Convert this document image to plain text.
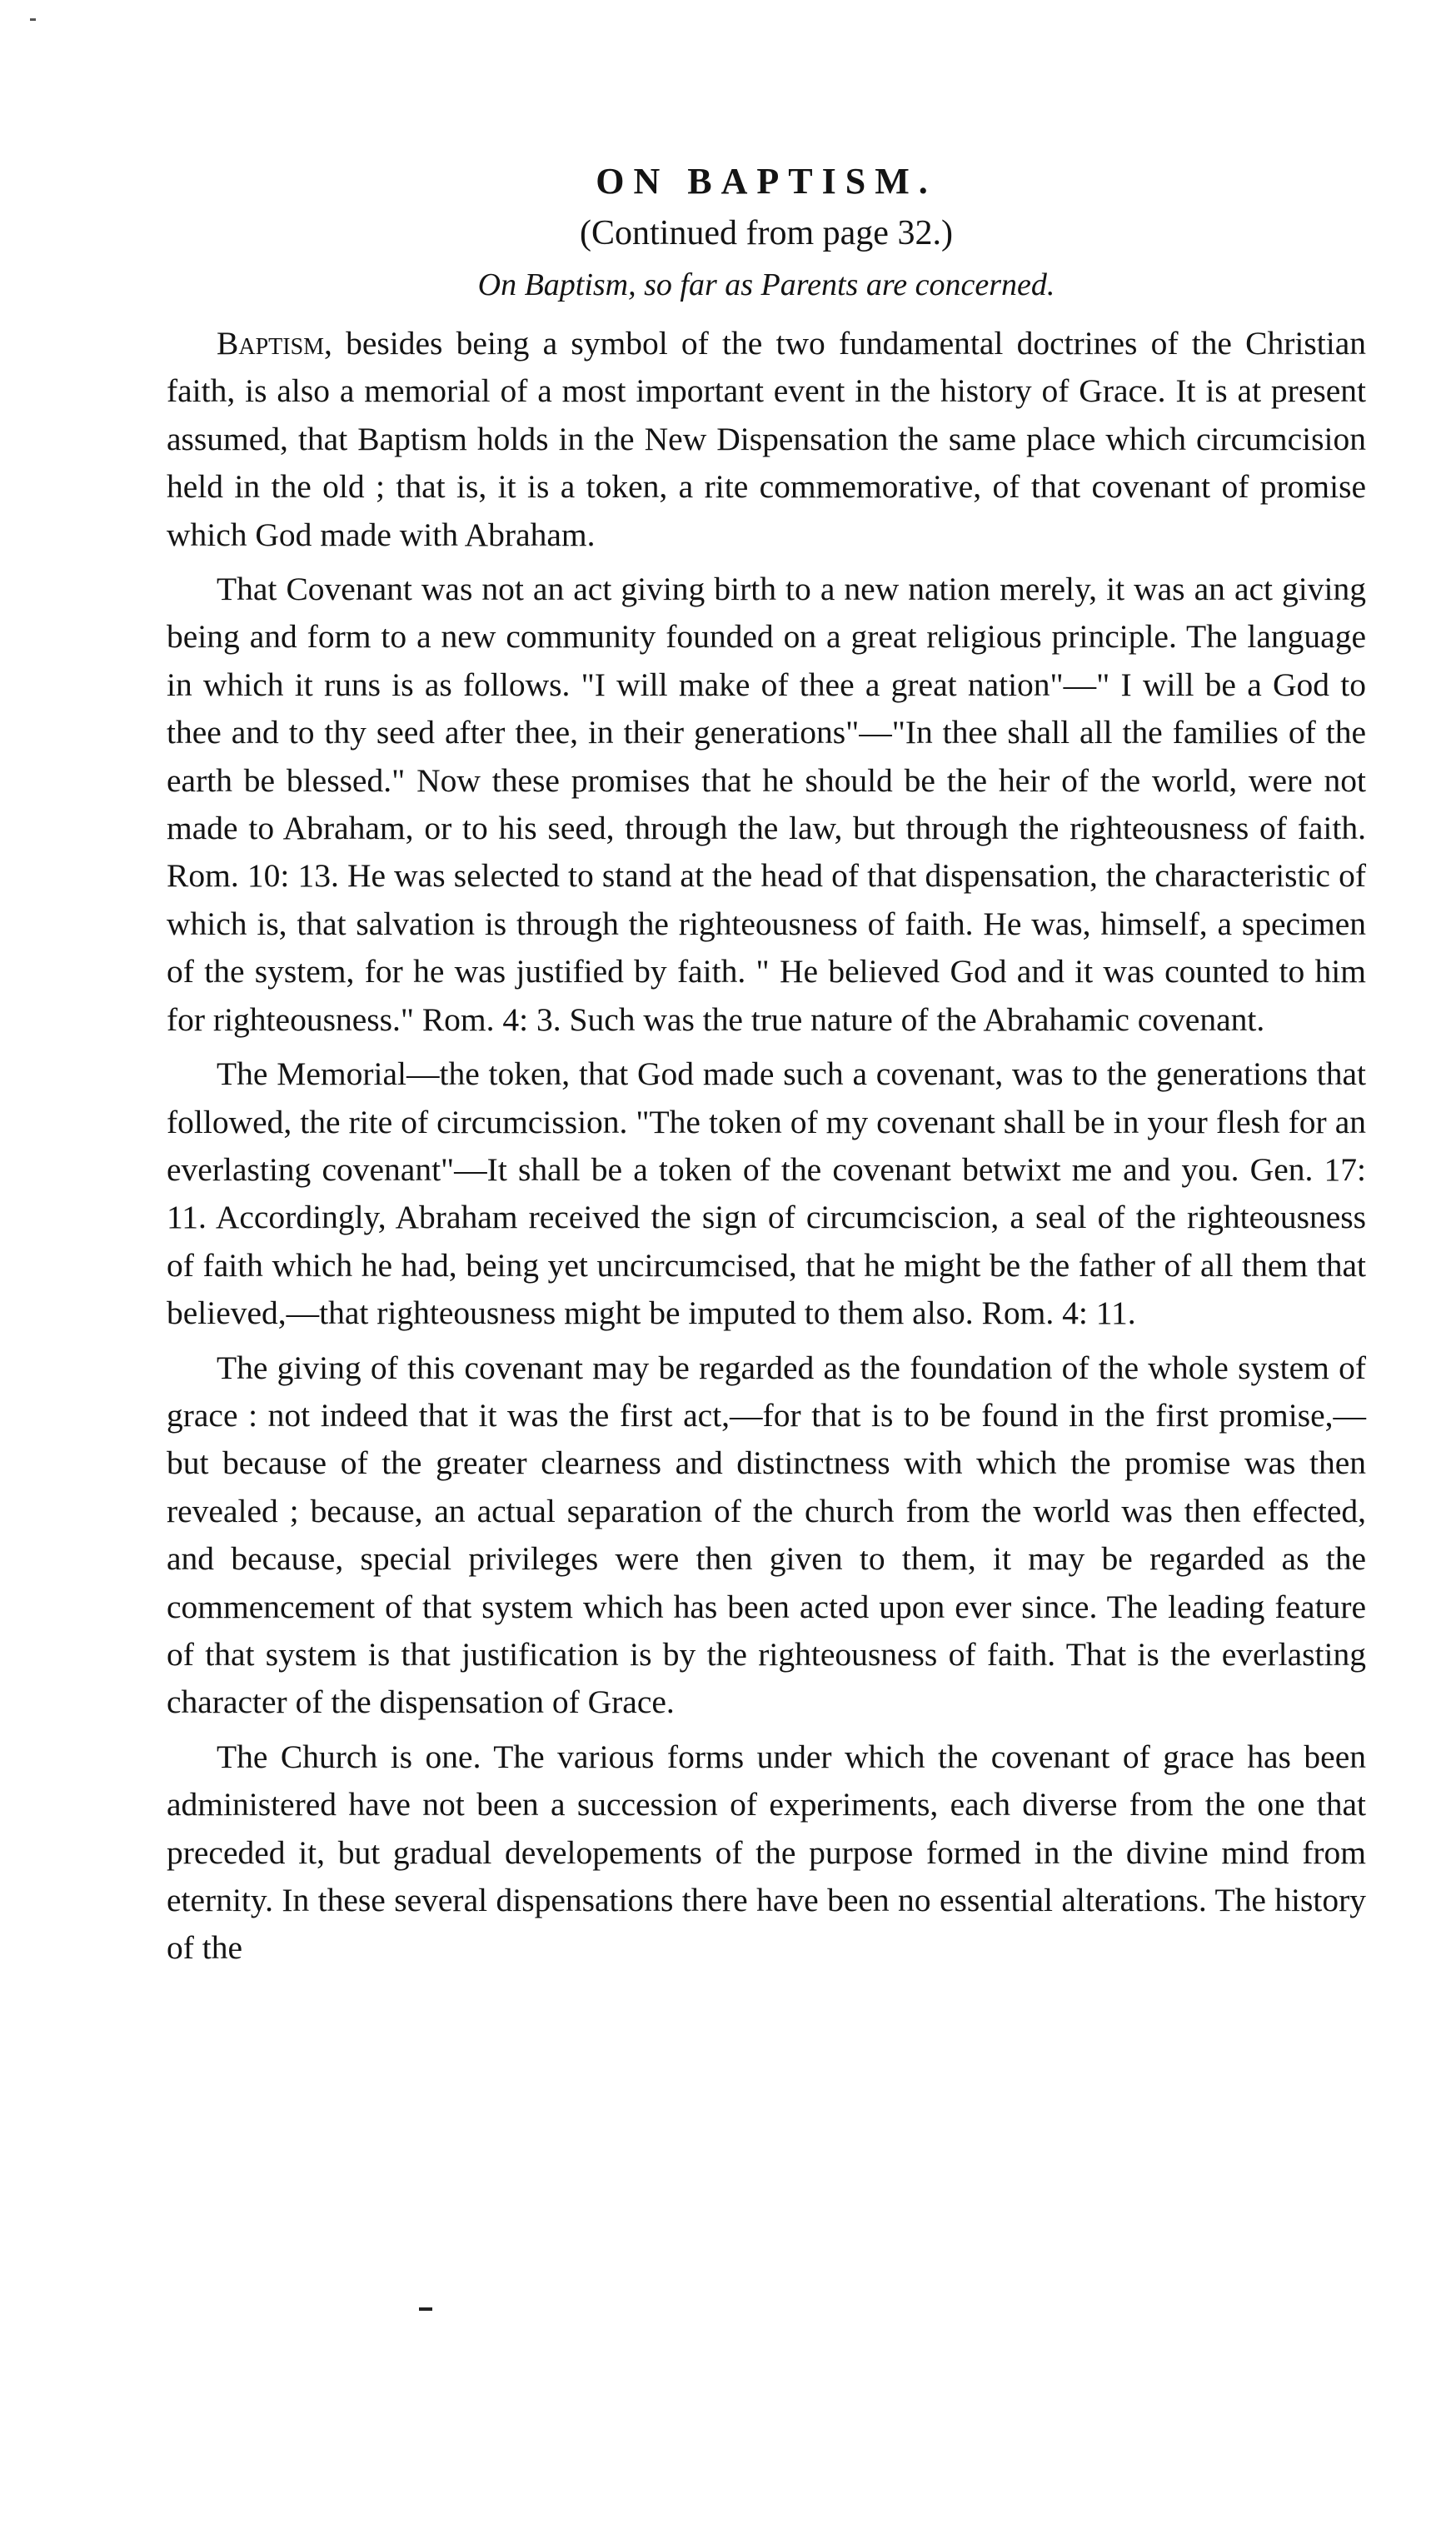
ON BAPTISM.
(Continued from page 32.)
On Baptism, so far as Parents are concerned.

Baptism, besides being a symbol of the two fundamental doctrines of the Christian faith, is also a memorial of a most important event in the history of Grace. It is at present assumed, that Baptism holds in the New Dispensation the same place which circumcision held in the old ; that is, it is a token, a rite commemorative, of that covenant of promise which God made with Abraham.

That Covenant was not an act giving birth to a new nation merely, it was an act giving being and form to a new community founded on a great religious principle. The language in which it runs is as follows. "I will make of thee a great nation"—" I will be a God to thee and to thy seed after thee, in their generations"—"In thee shall all the families of the earth be blessed." Now these promises that he should be the heir of the world, were not made to Abraham, or to his seed, through the law, but through the righteousness of faith. Rom. 10: 13. He was selected to stand at the head of that dispensation, the characteristic of which is, that salvation is through the righteousness of faith. He was, himself, a specimen of the system, for he was justified by faith. " He believed God and it was counted to him for righteousness." Rom. 4: 3. Such was the true nature of the Abrahamic covenant.

The Memorial—the token, that God made such a covenant, was to the generations that followed, the rite of circumcission. "The token of my covenant shall be in your flesh for an everlasting covenant"—It shall be a token of the covenant betwixt me and you. Gen. 17: 11. Accordingly, Abraham received the sign of circumciscion, a seal of the righteousness of faith which he had, being yet uncircumcised, that he might be the father of all them that believed,—that righteousness might be imputed to them also. Rom. 4: 11.

The giving of this covenant may be regarded as the foundation of the whole system of grace : not indeed that it was the first act,—for that is to be found in the first promise,—but because of the greater clearness and distinctness with which the promise was then revealed ; because, an actual separation of the church from the world was then effected, and because, special privileges were then given to them, it may be regarded as the commencement of that system which has been acted upon ever since. The leading feature of that system is that justification is by the righteousness of faith. That is the everlasting character of the dispensation of Grace.

The Church is one. The various forms under which the covenant of grace has been administered have not been a succession of experiments, each diverse from the one that preceded it, but gradual developements of the purpose formed in the divine mind from eternity. In these several dispensations there have been no essential alterations. The history of the
